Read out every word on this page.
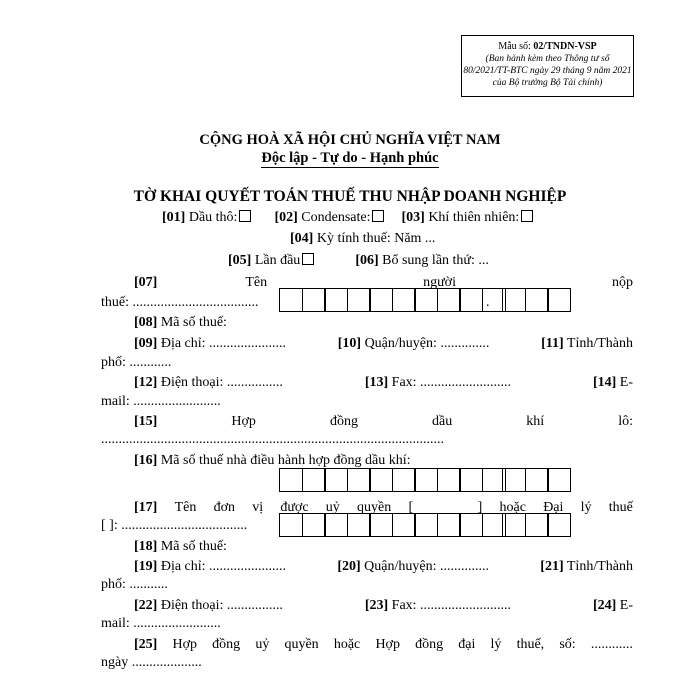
Mẫu số: 02/TNDN-VSP
(Ban hành kèm theo Thông tư số
80/2021/TT-BTC ngày 29 tháng 9 năm 2021
của Bộ trưởng Bộ Tài chính)
CỘNG HOÀ XÃ HỘI CHỦ NGHĨA VIỆT NAM
Độc lập - Tự do - Hạnh phúc
TỜ KHAI QUYẾT TOÁN THUẾ THU NHẬP DOANH NGHIỆP
[01] Dầu thô:	[02] Condensate: [03] Khí thiên nhiên:
[04] Kỳ tính thuế: Năm ...
[05] Lần đầu	[06] Bổ sung lần thứ: ...
[07]	Tên	người	nộp
thuế: ....................................	.
[08] Mã số thuế:
[09] Địa chỉ: ......................	[10] Quận/huyện: ..............	[11] Tỉnh/Thành
phố: ............
[12] Điện thoại: ................	[13] Fax: ..........................	[14] E-
mail: .........................
[15]	Hợp	đồng	dầu	khí	lô:
..................................................................................................
[16] Mã số thuế nhà điều hành hợp đồng dầu khí:
[17] Tên đơn vị được uỷ quyền [	] hoặc Đại lý thuế
[ ]: ....................................
[18] Mã số thuế:
[19] Địa chỉ: ......................	[20] Quận/huyện: ..............	[21] Tỉnh/Thành
phố: ...........
[22] Điện thoại: ................	[23] Fax: ..........................	[24] E-
mail: .........................
[25] Hợp đồng uỷ quyền hoặc Hợp đồng đại lý thuế, số: ............
ngày ....................
